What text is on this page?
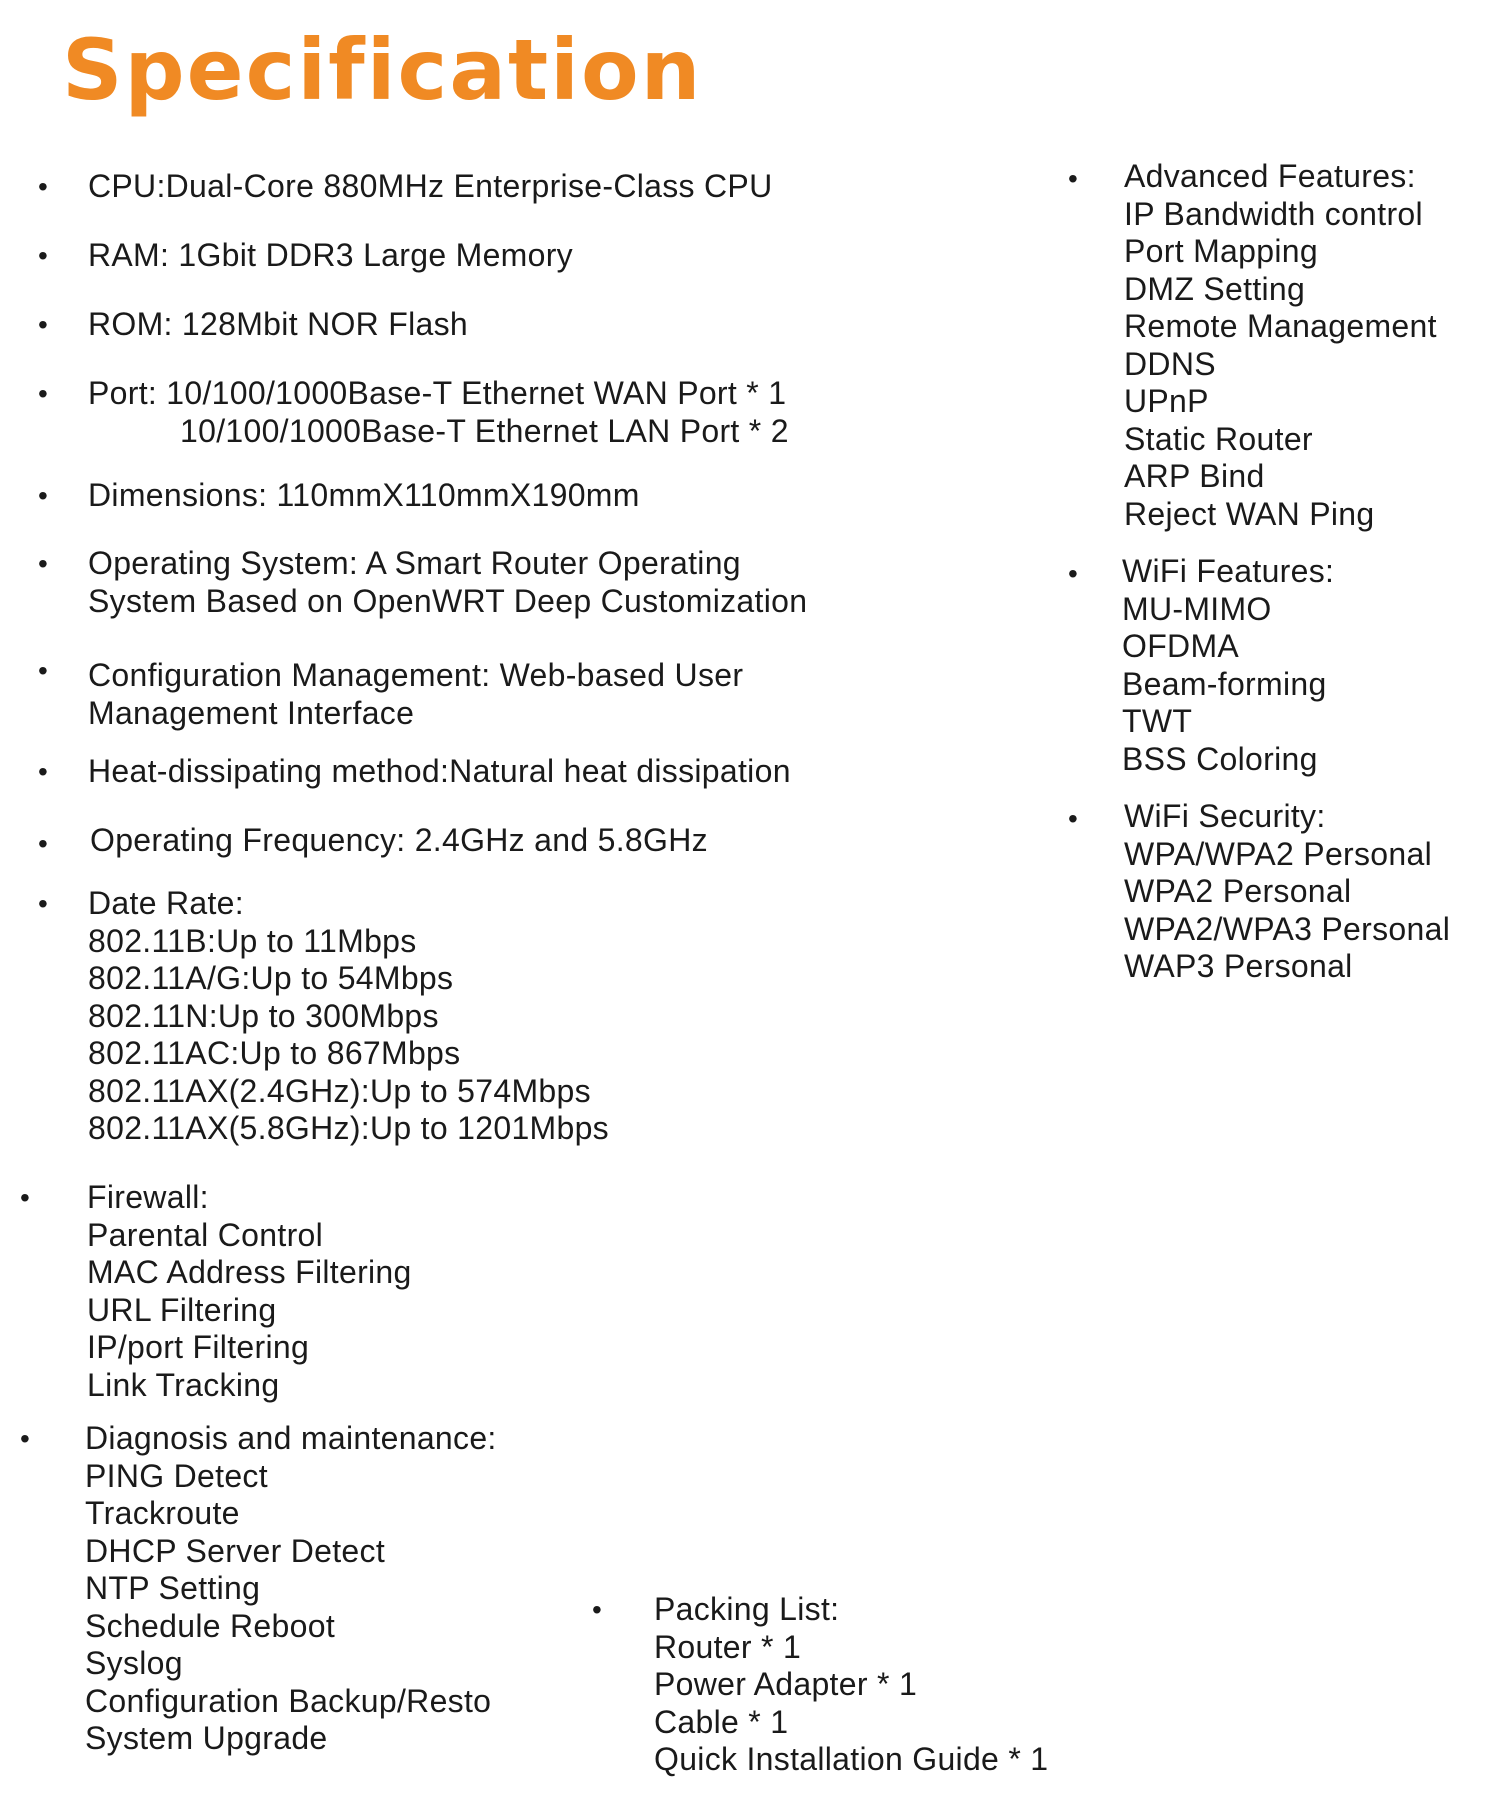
Specification
• CPU:Dual-Core 880MHz Enterprise-Class CPU
• RAM: 1Gbit DDR3 Large Memory
• ROM: 128Mbit NOR Flash
• Port: 10/100/1000Base-T Ethernet WAN Port * 1
10/100/1000Base-T Ethernet LAN Port * 2
• Dimensions: 110mmX110mmX190mm
• Operating System: A Smart Router Operating
System Based on OpenWRT Deep Customization
• Configuration Management: Web-based User
Management Interface
• Heat-dissipating method:Natural heat dissipation
• Operating Frequency: 2.4GHz and 5.8GHz
• Date Rate:
802.11B:Up to 11Mbps
802.11A/G:Up to 54Mbps
802.11N:Up to 300Mbps
802.11AC:Up to 867Mbps
802.11AX(2.4GHz):Up to 574Mbps
802.11AX(5.8GHz):Up to 1201Mbps
• Firewall:
Parental Control
MAC Address Filtering
URL Filtering
IP/port Filtering
Link Tracking
• Diagnosis and maintenance:
PING Detect
Trackroute
DHCP Server Detect
NTP Setting
Schedule Reboot
Syslog
Configuration Backup/Resto
System Upgrade
• Advanced Features:
IP Bandwidth control
Port Mapping
DMZ Setting
Remote Management
DDNS
UPnP
Static Router
ARP Bind
Reject WAN Ping
• WiFi Features:
MU-MIMO
OFDMA
Beam-forming
TWT
BSS Coloring
• WiFi Security:
WPA/WPA2 Personal
WPA2 Personal
WPA2/WPA3 Personal
WAP3 Personal
• Packing List:
Router * 1
Power Adapter * 1
Cable * 1
Quick Installation Guide * 1
